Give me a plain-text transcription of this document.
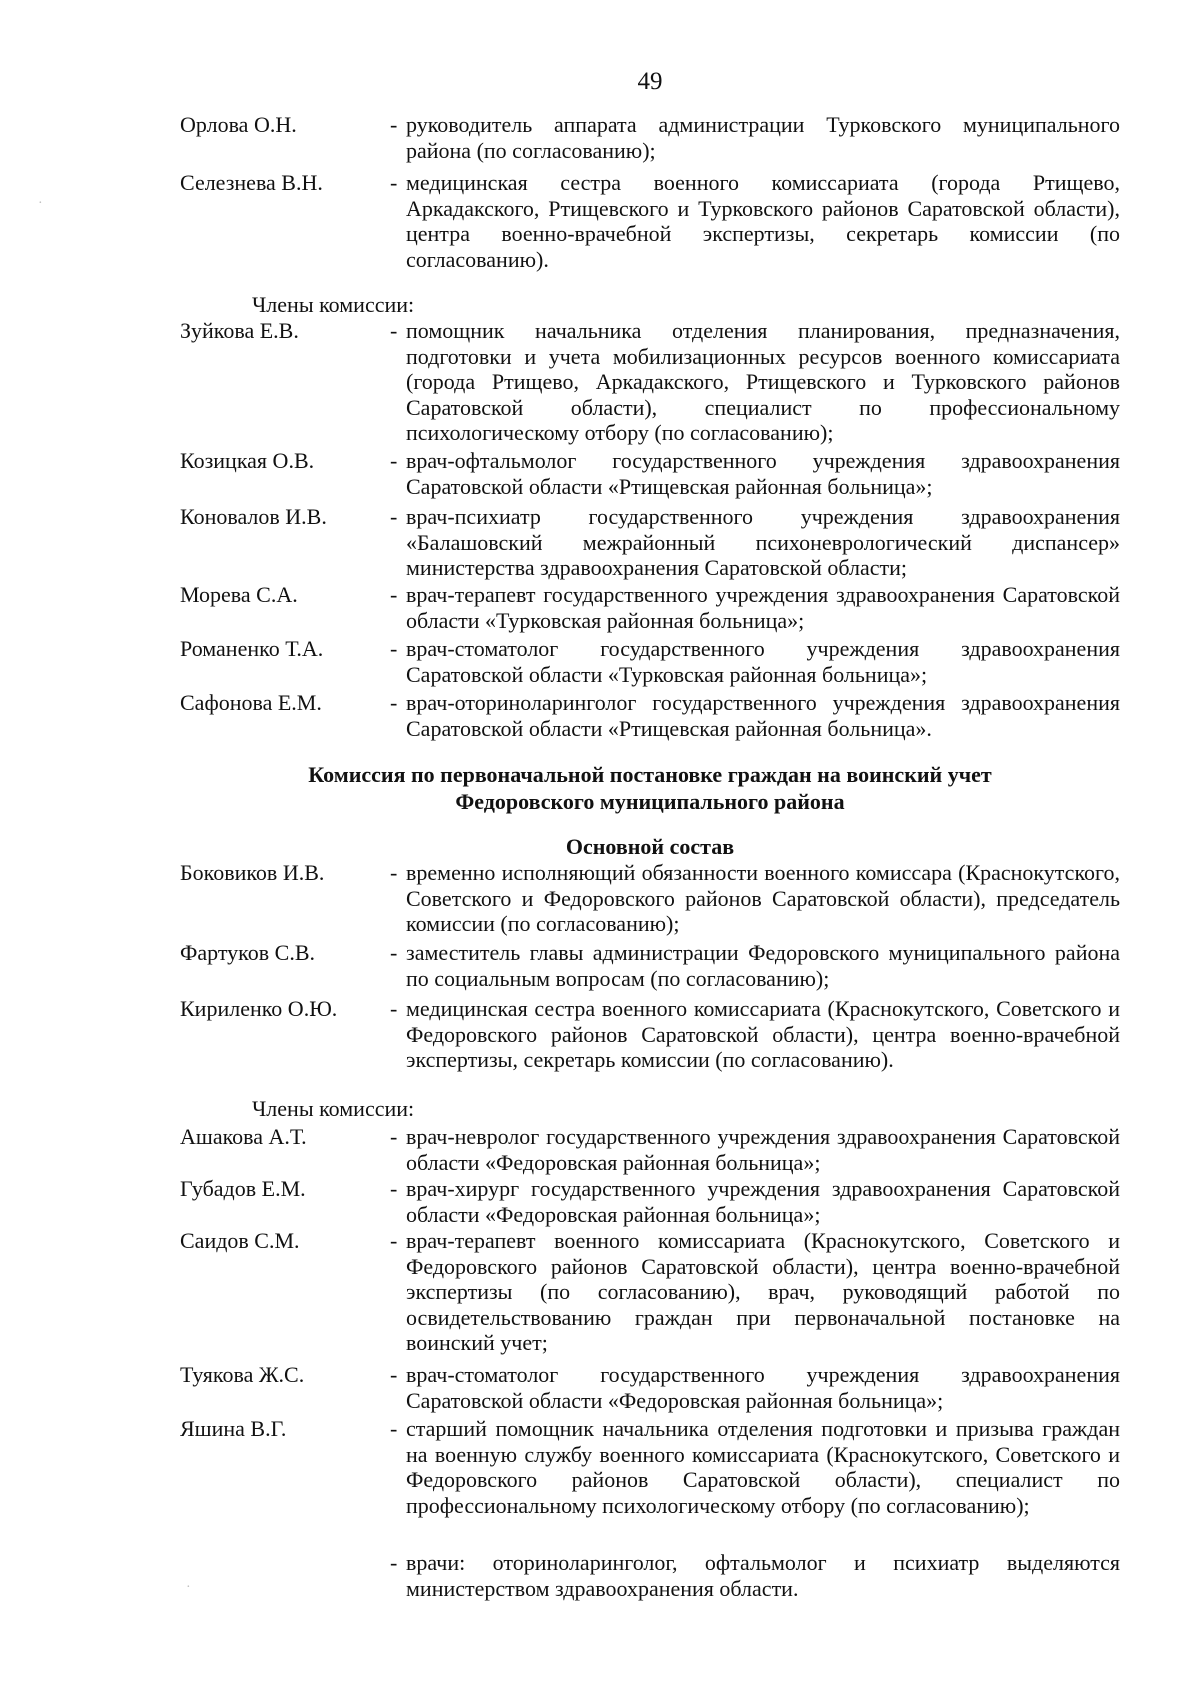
49
Орлова О.Н.	- руководитель аппарата администрации Турковского муниципального района (по согласованию);
Селезнева В.Н.	- медицинская сестра военного комиссариата (города Ртищево, Аркадакского, Ртищевского и Турковского районов Саратовской области), центра военно-врачебной экспертизы, секретарь комиссии (по согласованию).
Члены комиссии:
Зуйкова Е.В.	- помощник начальника отделения планирования, предназначения, подготовки и учета мобилизационных ресурсов военного комиссариата (города Ртищево, Аркадакского, Ртищевского и Турковского районов Саратовской области), специалист по профессиональному психологическому отбору (по согласованию);
Козицкая О.В.	- врач-офтальмолог государственного учреждения здравоохранения Саратовской области «Ртищевская районная больница»;
Коновалов И.В.	- врач-психиатр государственного учреждения здравоохранения «Балашовский межрайонный психоневрологический диспансер» министерства здравоохранения Саратовской области;
Морева С.А.	- врач-терапевт государственного учреждения здравоохранения Саратовской области «Турковская районная больница»;
Романенко Т.А.	- врач-стоматолог государственного учреждения здравоохранения Саратовской области «Турковская районная больница»;
Сафонова Е.М.	- врач-оториноларинголог государственного учреждения здравоохранения Саратовской области «Ртищевская районная больница».
Комиссия по первоначальной постановке граждан на воинский учет
Федоровского муниципального района
Основной состав
Боковиков И.В.	- временно исполняющий обязанности военного комиссара (Краснокутского, Советского и Федоровского районов Саратовской области), председатель комиссии (по согласованию);
Фартуков С.В.	- заместитель главы администрации Федоровского муниципального района по социальным вопросам (по согласованию);
Кириленко О.Ю.	- медицинская сестра военного комиссариата (Краснокутского, Советского и Федоровского районов Саратовской области), центра военно-врачебной экспертизы, секретарь комиссии (по согласованию).
Члены комиссии:
Ашакова А.Т.	- врач-невролог государственного учреждения здравоохранения Саратовской области «Федоровская районная больница»;
Губадов Е.М.	- врач-хирург государственного учреждения здравоохранения Саратовской области «Федоровская районная больница»;
Саидов С.М.	- врач-терапевт военного комиссариата (Краснокутского, Советского и Федоровского районов Саратовской области), центра военно-врачебной экспертизы (по согласованию), врач, руководящий работой по освидетельствованию граждан при первоначальной постановке на воинский учет;
Туякова Ж.С.	- врач-стоматолог государственного учреждения здравоохранения Саратовской области «Федоровская районная больница»;
Яшина В.Г.	- старший помощник начальника отделения подготовки и призыва граждан на военную службу военного комиссариата (Краснокутского, Советского и Федоровского районов Саратовской области), специалист по профессиональному психологическому отбору (по согласованию);
- врачи: оториноларинголог, офтальмолог и психиатр выделяются министерством здравоохранения области.
·
·
